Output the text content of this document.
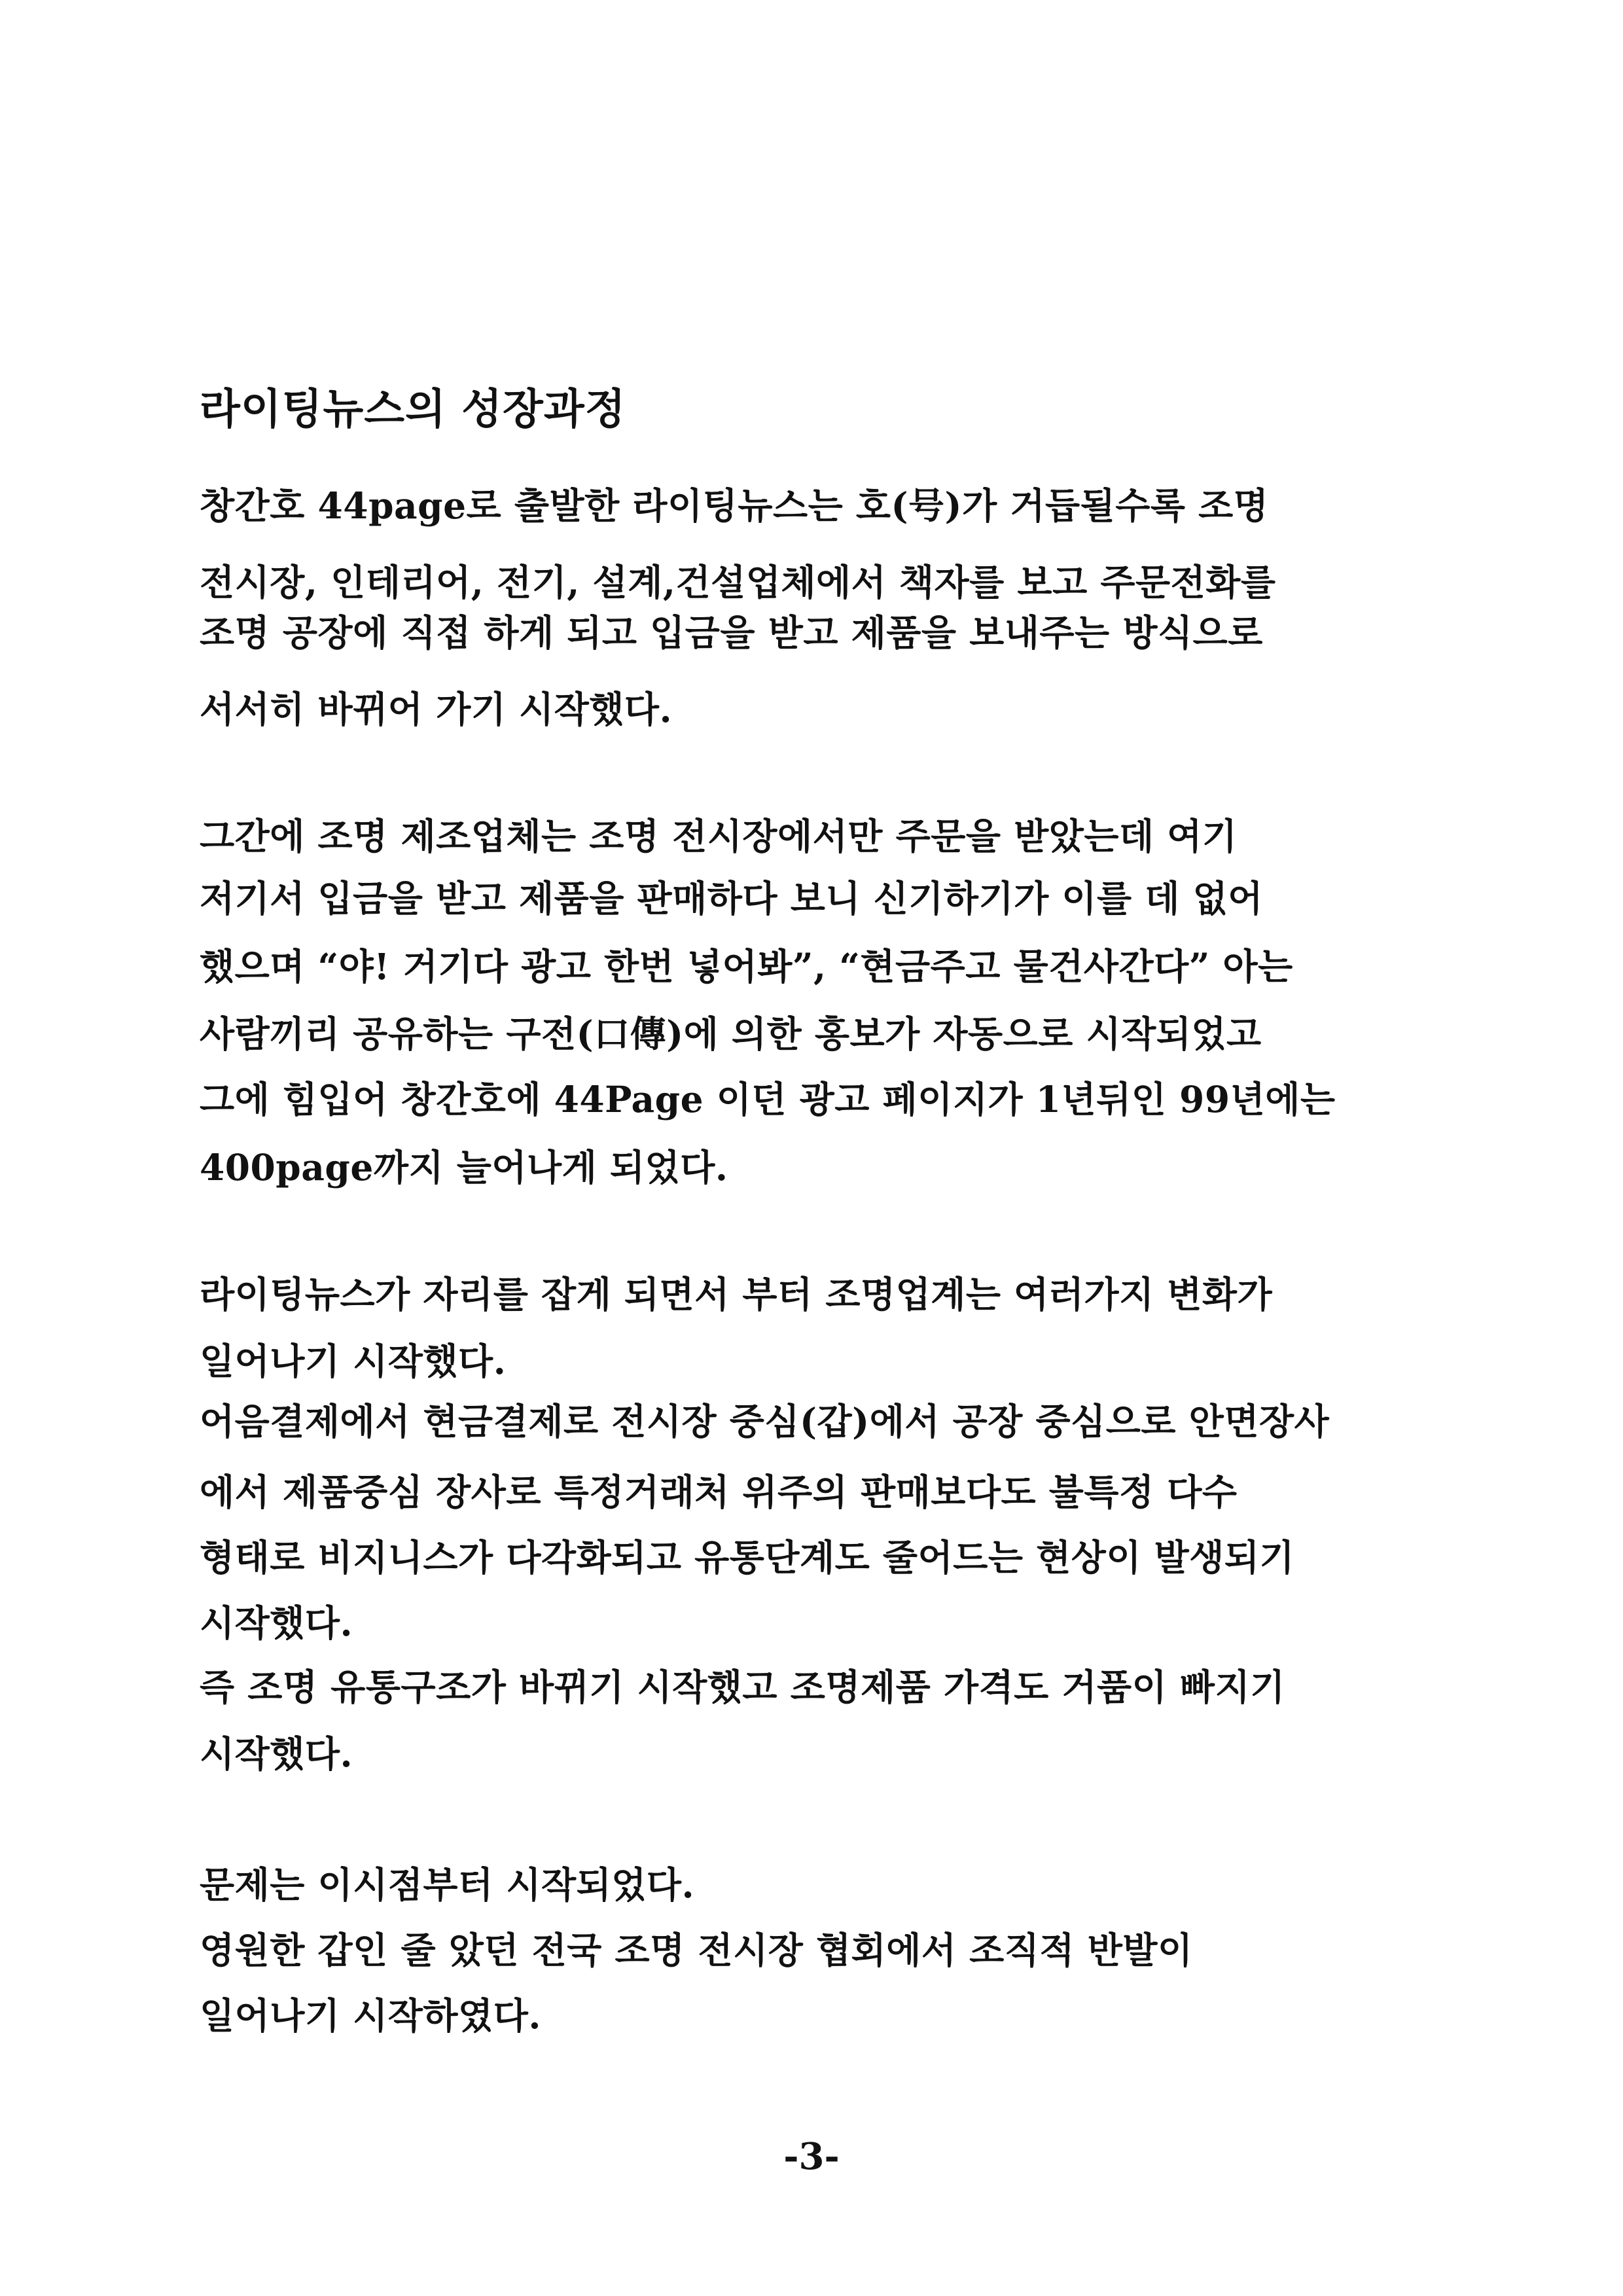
라이팅뉴스의 성장과정
창간호 44page로 출발한 라이팅뉴스는 호(号)가 거듭될수록 조명
전시장, 인테리어, 전기, 설계,건설업체에서 책자를 보고 주문전화를
조명 공장에 직접 하게 되고 입금을 받고 제품을 보내주는 방식으로
서서히 바뀌어 가기 시작했다.
그간에 조명 제조업체는 조명 전시장에서만 주문을 받았는데 여기
저기서 입금을 받고 제품을 판매하다 보니 신기하기가 이를 데 없어
했으며 “야! 거기다 광고 한번 넣어봐”, “현금주고 물건사간다” 아는
사람끼리 공유하는 구전(口傳)에 의한 홍보가 자동으로 시작되었고
그에 힘입어 창간호에 44Page 이던 광고 페이지가 1년뒤인 99년에는
400page까지 늘어나게 되었다.
라이팅뉴스가 자리를 잡게 되면서 부터 조명업계는 여러가지 변화가
일어나기 시작했다.
어음결제에서 현금결제로 전시장 중심(갑)에서 공장 중심으로 안면장사
에서 제품중심 장사로 특정거래처 위주의 판매보다도 불특정 다수
형태로 비지니스가 다각화되고 유통단계도 줄어드는 현상이 발생되기
시작했다.
즉 조명 유통구조가 바뀌기 시작했고 조명제품 가격도 거품이 빠지기
시작했다.
문제는 이시점부터 시작되었다.
영원한 갑인 줄 았던 전국 조명 전시장 협회에서 조직적 반발이
일어나기 시작하였다.
-3-
